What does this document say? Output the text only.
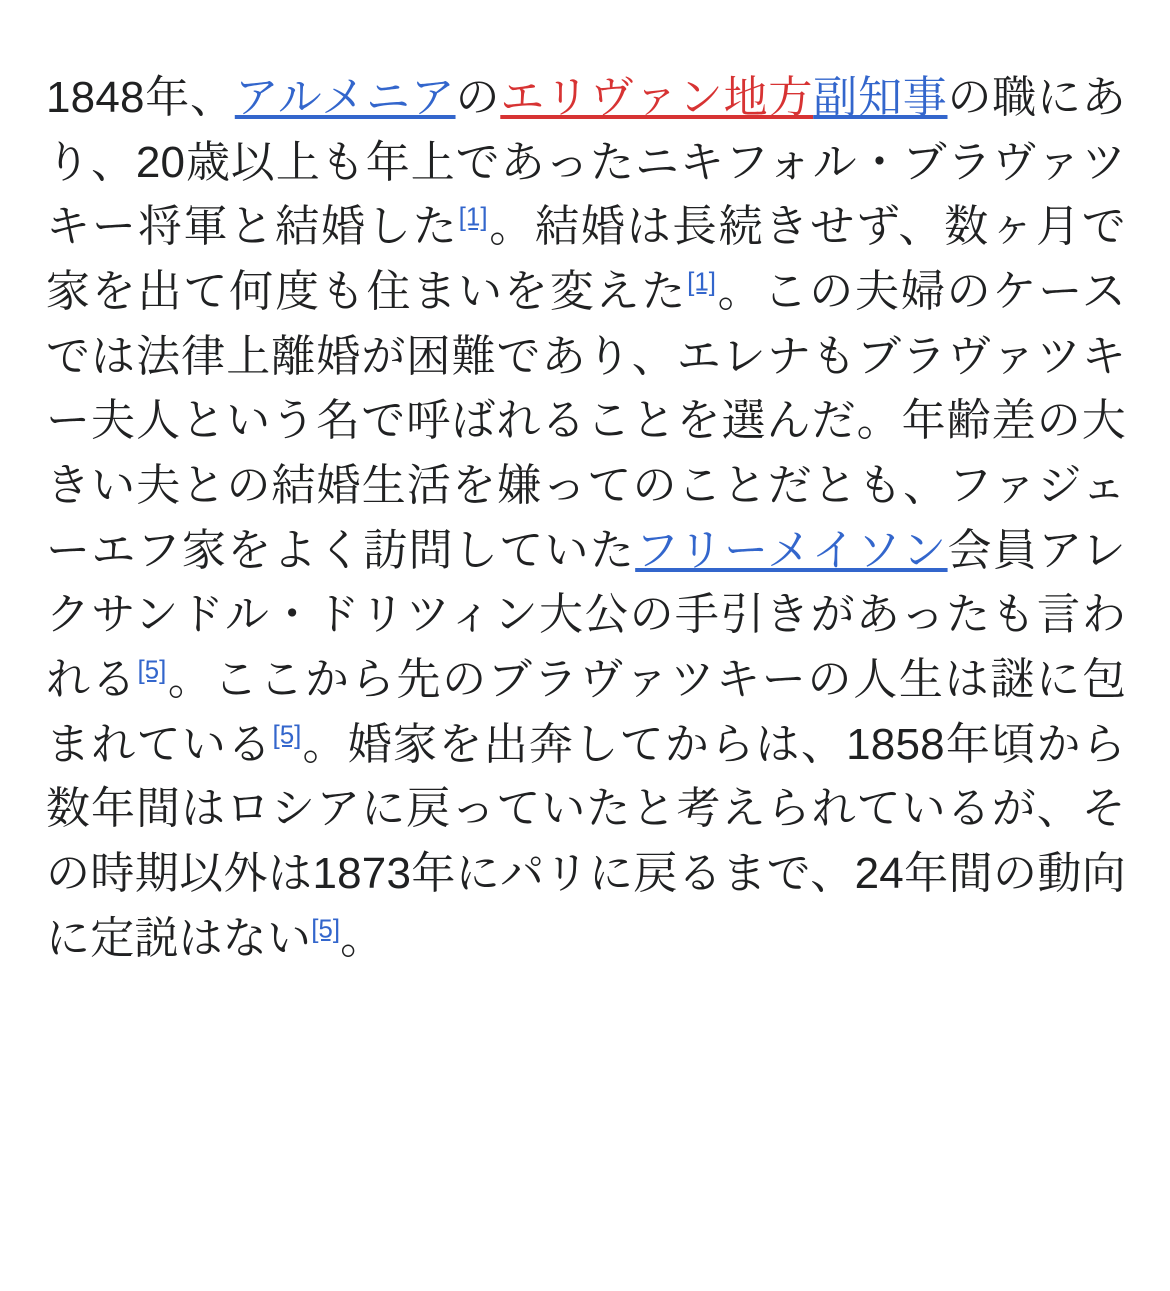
1848年、アルメニアのエリヴァン地方副知事の職にあり、20歳以上も年上であったニキフォル・ブラヴァツキー将軍と結婚した[1]。結婚は長続きせず、数ヶ月で家を出て何度も住まいを変えた[1]。この夫婦のケースでは法律上離婚が困難であり、エレナもブラヴァツキー夫人という名で呼ばれることを選んだ。年齢差の大きい夫との結婚生活を嫌ってのことだとも、ファジェーエフ家をよく訪問していたフリーメイソン会員アレクサンドル・ドリツィン大公の手引きがあったも言われる[5]。ここから先のブラヴァツキーの人生は謎に包まれている[5]。婚家を出奔してからは、1858年頃から数年間はロシアに戻っていたと考えられているが、その時期以外は1873年にパリに戻るまで、24年間の動向に定説はない[5]。
